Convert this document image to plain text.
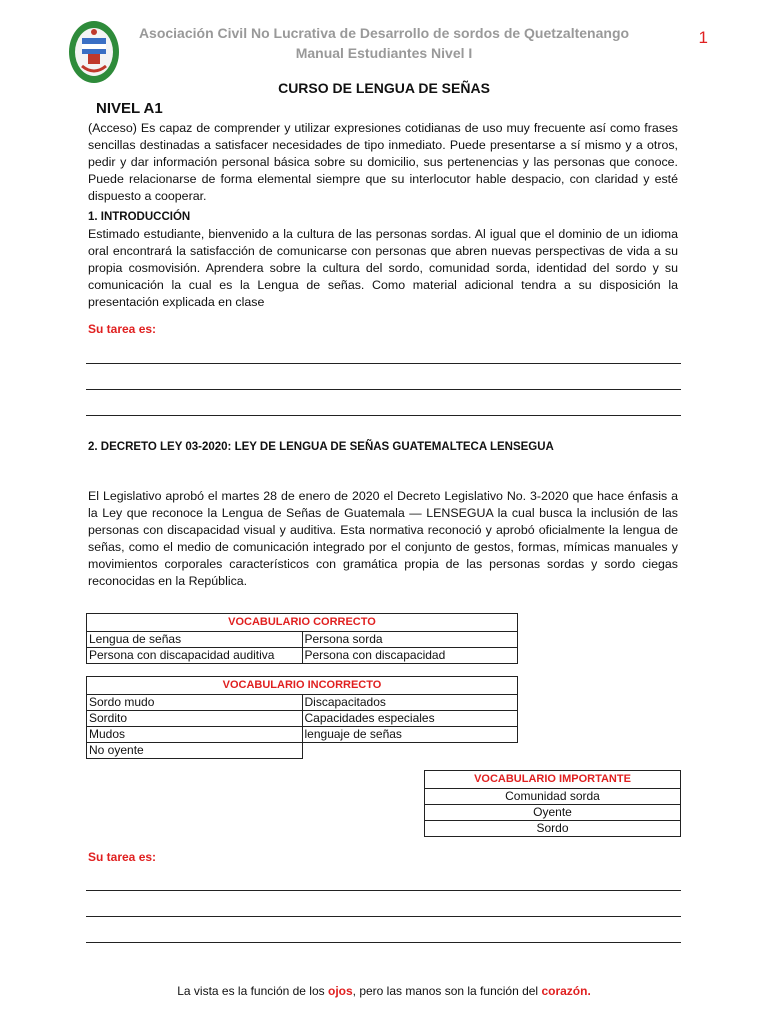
Asociación Civil No Lucrativa de Desarrollo de sordos de Quetzaltenango
Manual Estudiantes Nivel I
1
CURSO DE LENGUA DE SEÑAS
NIVEL A1
(Acceso) Es capaz de comprender y utilizar expresiones cotidianas de uso muy frecuente así como frases sencillas destinadas a satisfacer necesidades de tipo inmediato. Puede presentarse a sí mismo y a otros, pedir y dar información personal básica sobre su domicilio, sus pertenencias y las personas que conoce. Puede relacionarse de forma elemental siempre que su interlocutor hable despacio, con claridad y esté dispuesto a cooperar.
1. INTRODUCCIÓN
Estimado estudiante, bienvenido a la cultura de las personas sordas. Al igual que el dominio de un idioma oral encontrará la satisfacción de comunicarse con personas que abren nuevas perspectivas de vida a su propia cosmovisión. Aprendera sobre la cultura del sordo, comunidad sorda, identidad del sordo y su comunicación la cual es la Lengua de señas. Como material adicional tendra a su disposición la presentación explicada en clase
Su tarea es:
2. DECRETO LEY 03-2020: LEY DE LENGUA DE SEÑAS GUATEMALTECA LENSEGUA
El Legislativo aprobó el martes 28 de enero de 2020 el Decreto Legislativo No. 3-2020 que hace énfasis a la Ley que reconoce la Lengua de Señas de Guatemala — LENSEGUA la cual busca la inclusión de las personas con discapacidad visual y auditiva. Esta normativa reconoció y aprobó oficialmente la lengua de señas, como el medio de comunicación integrado por el conjunto de gestos, formas, mímicas manuales y movimientos corporales característicos con gramática propia de las personas sordas y sordo ciegas reconocidas en la República.
VOCABULARIO CORRECTO	
Lengua de señas	Persona sorda
Persona con discapacidad auditiva	Persona con discapacidad
VOCABULARIO INCORRECTO	
Sordo mudo	Discapacitados
Sordito	Capacidades especiales
Mudos	lenguaje de señas
No oyente	
VOCABULARIO IMPORTANTE
Comunidad sorda
Oyente
Sordo
Su tarea es:
La vista es la función de los ojos, pero las manos son la función del corazón.
